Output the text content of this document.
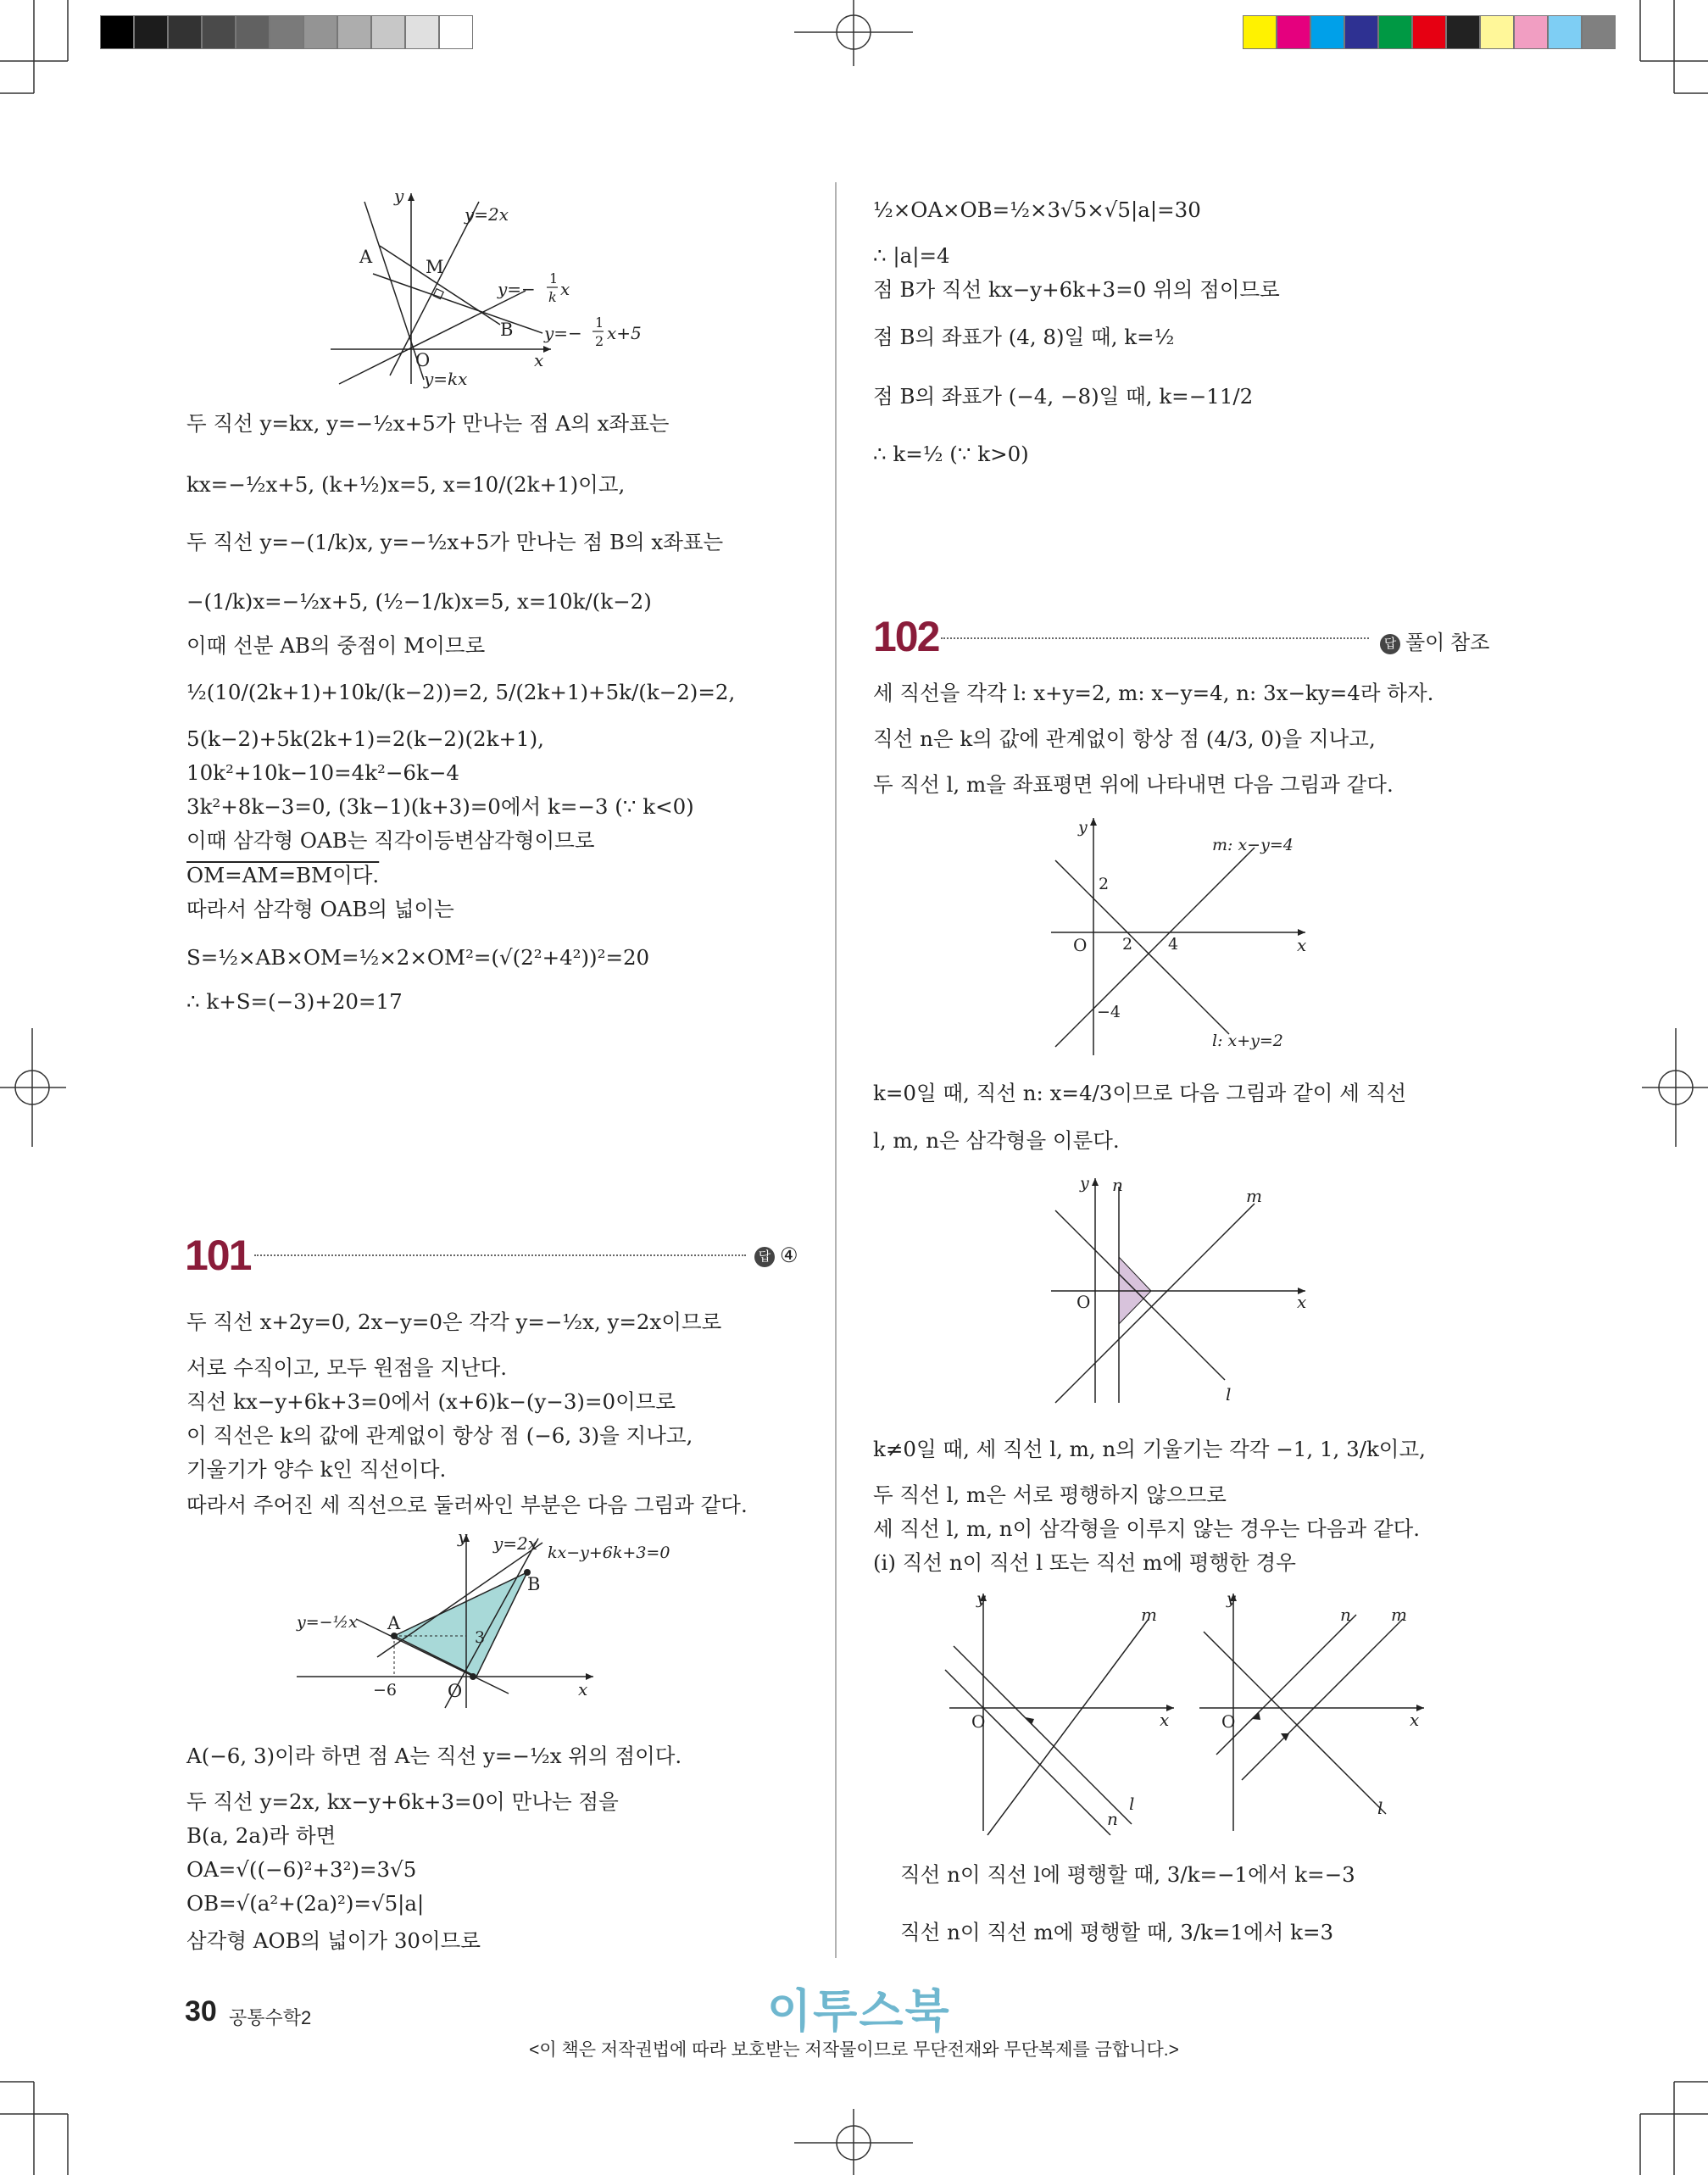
y
y=2x
A	M
y=−
1
k x
B y=−
1
2 x+5
O	x
y=kx
두 직선 y=kx, y=−½x+5가 만나는 점 A의 x좌표는
kx=−½x+5, (k+½)x=5, x=10/(2k+1)이고,
두 직선 y=−(1/k)x, y=−½x+5가 만나는 점 B의 x좌표는
−(1/k)x=−½x+5, (½−1/k)x=5, x=10k/(k−2)
이때 선분 AB의 중점이 M이므로
½(10/(2k+1)+10k/(k−2))=2, 5/(2k+1)+5k/(k−2)=2,
5(k−2)+5k(2k+1)=2(k−2)(2k+1),
10k²+10k−10=4k²−6k−4
3k²+8k−3=0, (3k−1)(k+3)=0에서 k=−3 (∵ k<0)
이때 삼각형 OAB는 직각이등변삼각형이므로
OM=AM=BM이다.
따라서 삼각형 OAB의 넓이는
S=½×AB×OM=½×2×OM²=(√(2²+4²))²=20
∴ k+S=(−3)+20=17
101	답 ④
두 직선 x+2y=0, 2x−y=0은 각각 y=−½x, y=2x이므로
서로 수직이고, 모두 원점을 지난다.
직선 kx−y+6k+3=0에서 (x+6)k−(y−3)=0이므로
이 직선은 k의 값에 관계없이 항상 점 (−6, 3)을 지나고,
기울기가 양수 k인 직선이다.
따라서 주어진 세 직선으로 둘러싸인 부분은 다음 그림과 같다.
y y=2x kx−y+6k+3=0
B
y=−½x A
3
−6	O	x
A(−6, 3)이라 하면 점 A는 직선 y=−½x 위의 점이다.
두 직선 y=2x, kx−y+6k+3=0이 만나는 점을
B(a, 2a)라 하면
OA=√((−6)²+3²)=3√5
OB=√(a²+(2a)²)=√5|a|
삼각형 AOB의 넓이가 30이므로
½×OA×OB=½×3√5×√5|a|=30
∴ |a|=4
점 B가 직선 kx−y+6k+3=0 위의 점이므로
점 B의 좌표가 (4, 8)일 때, k=½
점 B의 좌표가 (−4, −8)일 때, k=−11/2
∴ k=½ (∵ k>0)
102	답 풀이 참조
세 직선을 각각 l: x+y=2, m: x−y=4, n: 3x−ky=4라 하자.
직선 n은 k의 값에 관계없이 항상 점 (4/3, 0)을 지나고,
두 직선 l, m을 좌표평면 위에 나타내면 다음 그림과 같다.
y
m: x−y=4
2
O 2 4	x
−4
l: x+y=2
k=0일 때, 직선 n: x=4/3이므로 다음 그림과 같이 세 직선
l, m, n은 삼각형을 이룬다.
y n
m
O	x
l
k≠0일 때, 세 직선 l, m, n의 기울기는 각각 −1, 1, 3/k이고,
두 직선 l, m은 서로 평행하지 않으므로
세 직선 l, m, n이 삼각형을 이루지 않는 경우는 다음과 같다.
(i) 직선 n이 직선 l 또는 직선 m에 평행한 경우
y
m
O	x
n
l
y
n m
O	x
l
직선 n이 직선 l에 평행할 때, 3/k=−1에서 k=−3
직선 n이 직선 m에 평행할 때, 3/k=1에서 k=3
30 공통수학2	이투스북
<이 책은 저작권법에 따라 보호받는 저작물이므로 무단전재와 무단복제를 금합니다.>
